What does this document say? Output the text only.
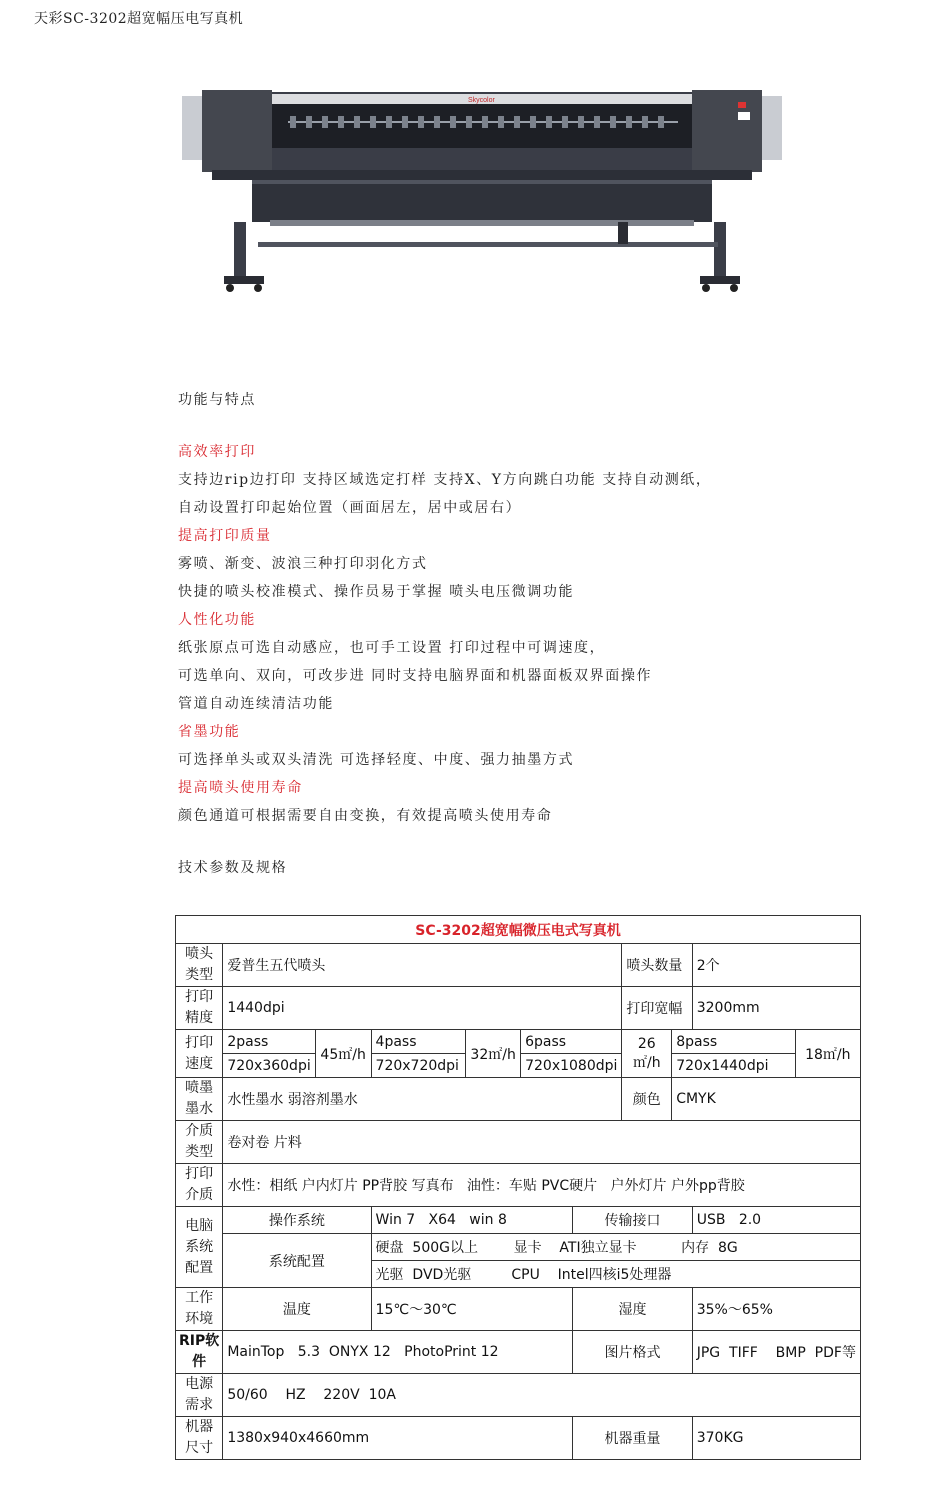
天彩SC-3202超宽幅压电写真机
Skycolor
功能与特点
高效率打印
支持边rip边打印 支持区域选定打样 支持X、Y方向跳白功能 支持自动测纸，
自动设置打印起始位置（画面居左，居中或居右）
提高打印质量
雾喷、渐变、波浪三种打印羽化方式
快捷的喷头校准模式、操作员易于掌握 喷头电压微调功能
人性化功能
纸张原点可选自动感应，也可手工设置 打印过程中可调速度，
可选单向、双向，可改步进 同时支持电脑界面和机器面板双界面操作
管道自动连续清洁功能
省墨功能
可选择单头或双头清洗 可选择轻度、中度、强力抽墨方式
提高喷头使用寿命
颜色通道可根据需要自由变换，有效提高喷头使用寿命
技术参数及规格
SC-3202超宽幅微压电式写真机										
喷头
类型	爱普生五代喷头						喷头数量		2个	
打印
精度	1440dpi						打印宽幅		3200mm	
打印
速度	2pass	45㎡/h	4pass	32㎡/h	6pass		26㎡/h	8pass		18㎡/h
	720x360dpi		720x720dpi		720x1080dpi			720x1440dpi		
喷墨
墨水	水性墨水 弱溶剂墨水						颜色	CMYK		
介质
类型	卷对卷 片料									
打印
介质	水性：相纸 户内灯片 PP背胶 写真布   油性：车贴 PVC硬片   户外灯片 户外pp背胶									
电脑
系统
配置	操作系统		Win 7   X64   win 8			传输接口			USB   2.0	
	系统配置		硬盘  500G以上        显卡    ATI独立显卡          内存  8G							
			光驱  DVD光驱         CPU    Intel四核i5处理器							
工作
环境	温度		15℃～30℃			湿度			35%～65%	
RIP软
件	MainTop   5.3  ONYX 12   PhotoPrint 12					图片格式			JPG  TIFF    BMP  PDF等	
电源
需求	50/60    HZ    220V  10A									
机器
尺寸	1380x940x4660mm					机器重量			370KG	
